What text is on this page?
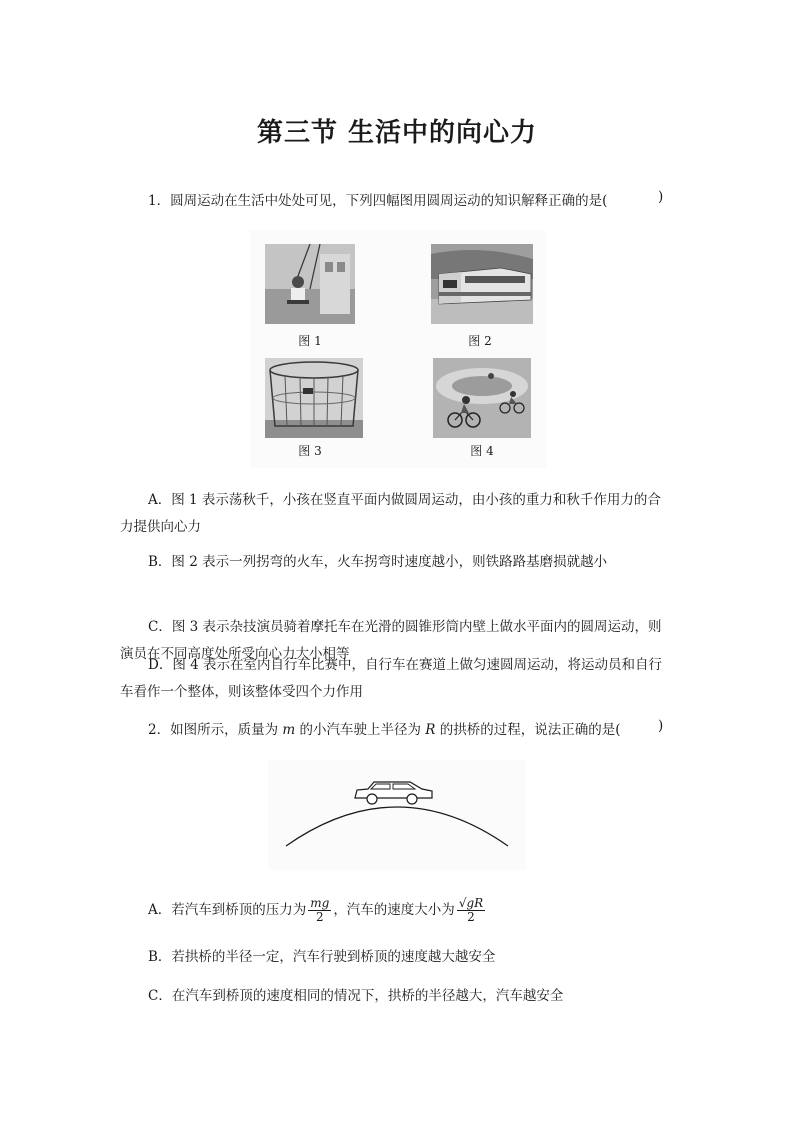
第三节 生活中的向心力
1．圆周运动在生活中处处可见，下列四幅图用圆周运动的知识解释正确的是(	)
图 1	图 2
图 3	图 4
A．图 1 表示荡秋千，小孩在竖直平面内做圆周运动，由小孩的重力和秋千作用力的合
力提供向心力
B．图 2 表示一列拐弯的火车，火车拐弯时速度越小，则铁路路基磨损就越小
C．图 3 表示杂技演员骑着摩托车在光滑的圆锥形筒内壁上做水平面内的圆周运动，则
演员在不同高度处所受向心力大小相等
D．图 4 表示在室内自行车比赛中，自行车在赛道上做匀速圆周运动，将运动员和自行
车看作一个整体，则该整体受四个力作用
2．如图所示，质量为 m 的小汽车驶上半径为 R 的拱桥的过程，说法正确的是(	)
A．若汽车到桥顶的压力为 $\frac{mg}{2}$ ，汽车的速度大小为 $\frac{√gR}{2}$
B．若拱桥的半径一定，汽车行驶到桥顶的速度越大越安全
C．在汽车到桥顶的速度相同的情况下，拱桥的半径越大，汽车越安全
